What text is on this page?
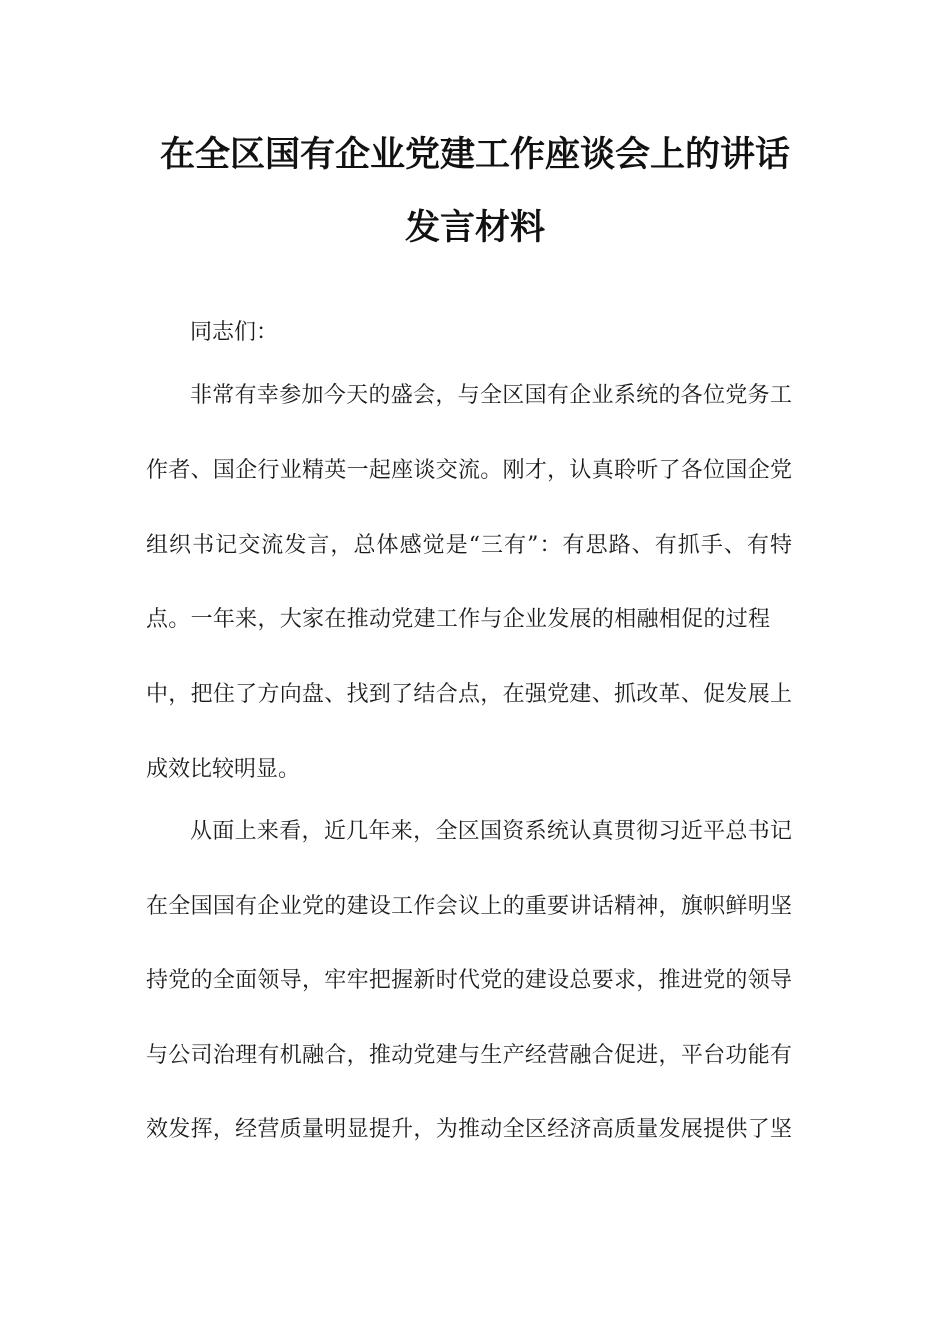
在全区国有企业党建工作座谈会上的讲话
发言材料
同志们：
非常有幸参加今天的盛会，与全区国有企业系统的各位党务工
作者、国企行业精英一起座谈交流。刚才，认真聆听了各位国企党
组织书记交流发言，总体感觉是“三有”：有思路、有抓手、有特
点。一年来，大家在推动党建工作与企业发展的相融相促的过程
中，把住了方向盘、找到了结合点，在强党建、抓改革、促发展上
成效比较明显。
从面上来看，近几年来，全区国资系统认真贯彻习近平总书记
在全国国有企业党的建设工作会议上的重要讲话精神，旗帜鲜明坚
持党的全面领导，牢牢把握新时代党的建设总要求，推进党的领导
与公司治理有机融合，推动党建与生产经营融合促进，平台功能有
效发挥，经营质量明显提升，为推动全区经济高质量发展提供了坚
